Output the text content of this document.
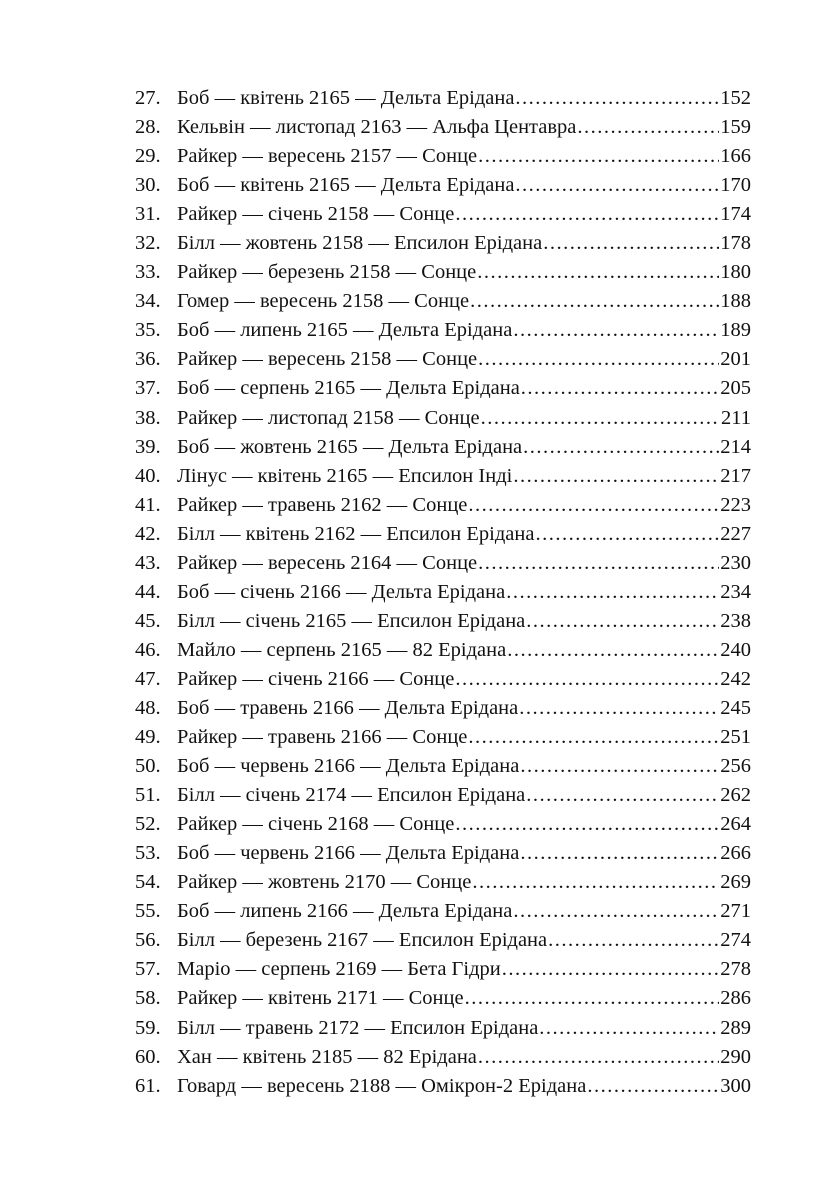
27. Боб — квітень 2165 — Дельта Ерідана .....	152
28. Кельвін — листопад 2163 — Альфа Центавра .....	159
29. Райкер — вересень 2157 — Сонце .....	166
30. Боб — квітень 2165 — Дельта Ерідана .....	170
31. Райкер — січень 2158 — Сонце .....	174
32. Білл — жовтень 2158 — Епсилон Ерідана .....	178
33. Райкер — березень 2158 — Сонце .....	180
34. Гомер — вересень 2158 — Сонце .....	188
35. Боб — липень 2165 — Дельта Ерідана .....	189
36. Райкер — вересень 2158 — Сонце .....	201
37. Боб — серпень 2165 — Дельта Ерідана .....	205
38. Райкер — листопад 2158 — Сонце .....	211
39. Боб — жовтень 2165 — Дельта Ерідана .....	214
40. Лінус — квітень 2165 — Епсилон Інді .....	217
41. Райкер — травень 2162 — Сонце .....	223
42. Білл — квітень 2162 — Епсилон Ерідана .....	227
43. Райкер — вересень 2164 — Сонце .....	230
44. Боб — січень 2166 — Дельта Ерідана .....	234
45. Білл — січень 2165 — Епсилон Ерідана .....	238
46. Майло — серпень 2165 — 82 Ерідана .....	240
47. Райкер — січень 2166 — Сонце .....	242
48. Боб — травень 2166 — Дельта Ерідана .....	245
49. Райкер — травень 2166 — Сонце .....	251
50. Боб — червень 2166 — Дельта Ерідана .....	256
51. Білл — січень 2174 — Епсилон Ерідана .....	262
52. Райкер — січень 2168 — Сонце .....	264
53. Боб — червень 2166 — Дельта Ерідана .....	266
54. Райкер — жовтень 2170 — Сонце .....	269
55. Боб — липень 2166 — Дельта Ерідана .....	271
56. Білл — березень 2167 — Епсилон Ерідана .....	274
57. Маріо — серпень 2169 — Бета Гідри .....	278
58. Райкер — квітень 2171 — Сонце .....	286
59. Білл — травень 2172 — Епсилон Ерідана .....	289
60. Хан — квітень 2185 — 82 Ерідана .....	290
61. Говард — вересень 2188 — Омікрон-2 Ерідана .....	300
